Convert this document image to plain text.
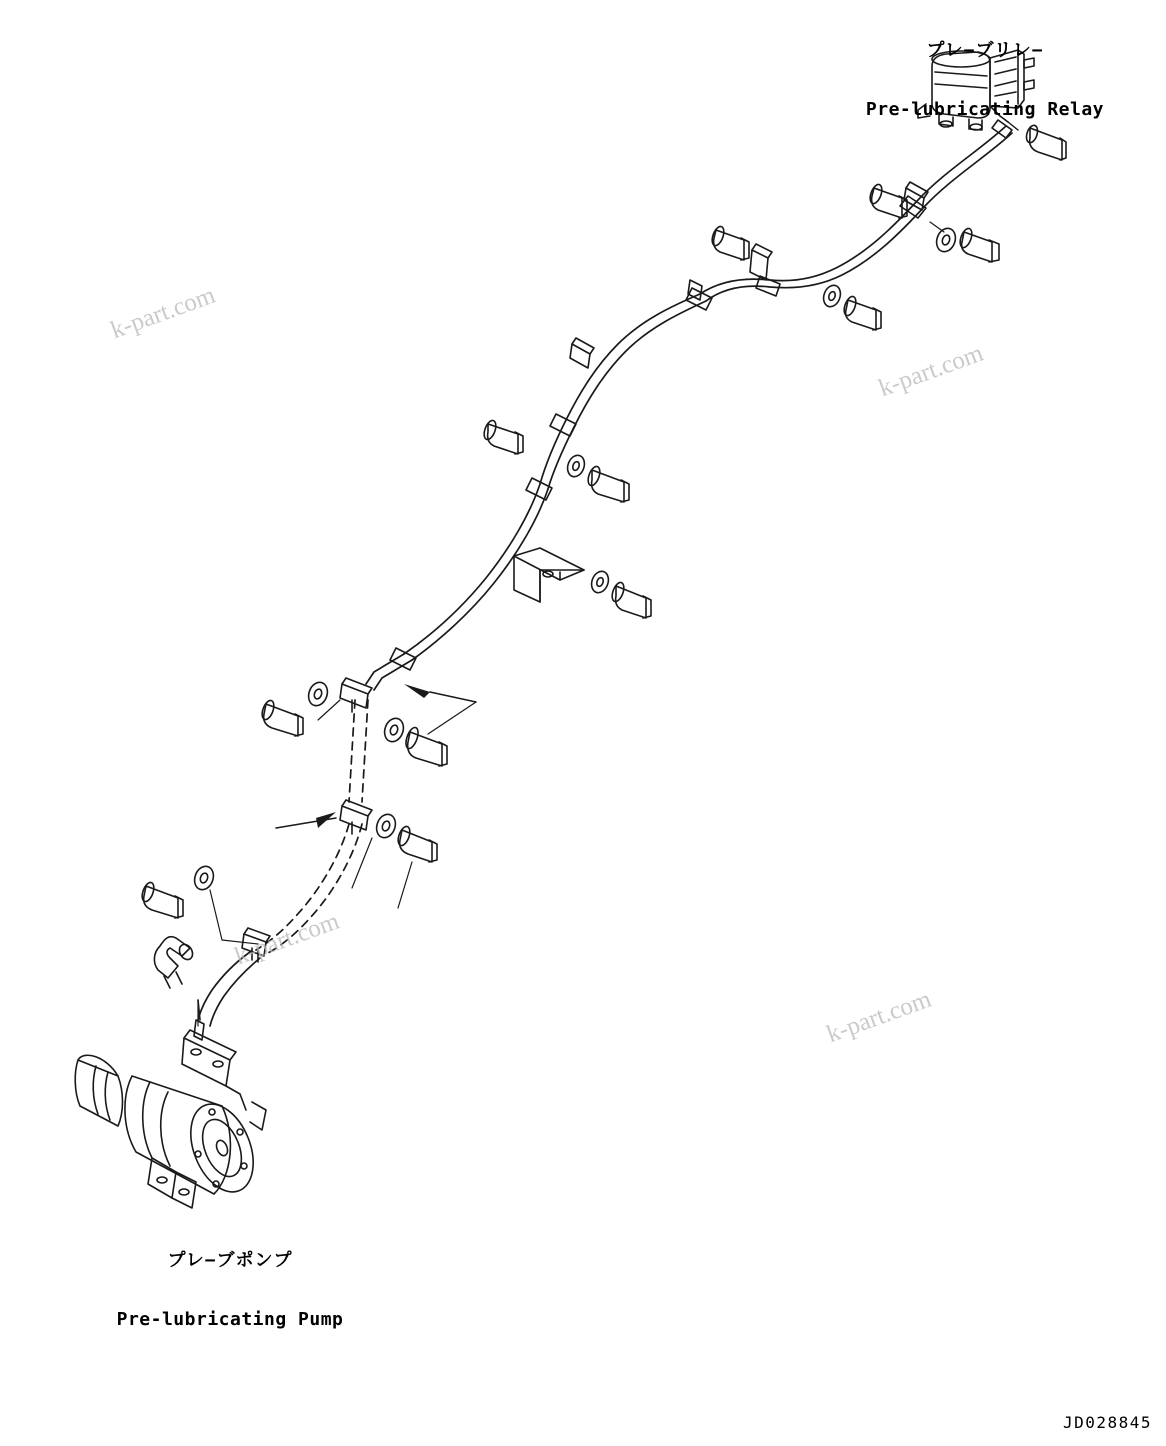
プレ−ブリレ−

Pre-lubricating Relay

プレ−ブポンプ

Pre-lubricating Pump

JD028845
k-part.com
k-part.com
k-part.com
k-part.com
